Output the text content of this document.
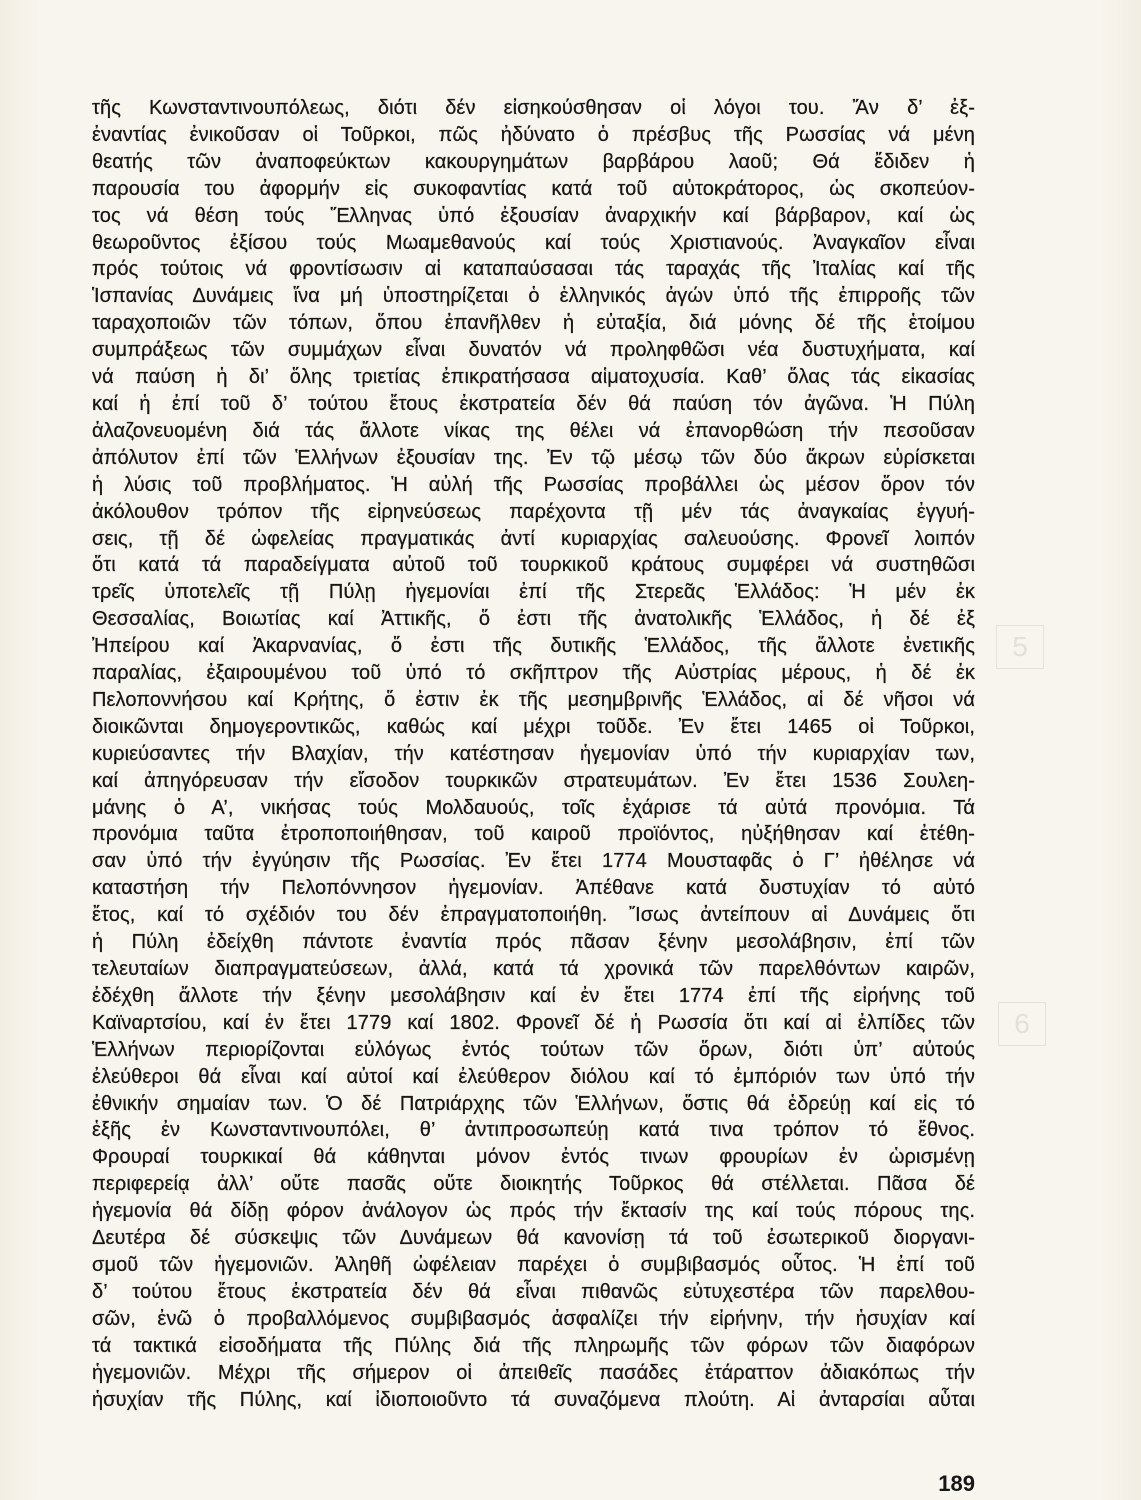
τῆς Κωνσταντινουπόλεως, διότι δέν εἰσηκούσθησαν οἱ λόγοι του. Ἄν δ’ ἐξ-
ἐναντίας ἐνικοῦσαν οἱ Τοῦρκοι, πῶς ἠδύνατο ὁ πρέσβυς τῆς Ρωσσίας νά μένη
θεατής τῶν ἀναποφεύκτων κακουργημάτων βαρβάρου λαοῦ; Θά ἔδιδεν ἡ
παρουσία του ἀφορμήν εἰς συκοφαντίας κατά τοῦ αὐτοκράτορος, ὡς σκοπεύον-
τος νά θέση τούς Ἕλληνας ὑπό ἐξουσίαν ἀναρχικήν καί βάρβαρον, καί ὡς
θεωροῦντος ἐξίσου τούς Μωαμεθανούς καί τούς Χριστιανούς. Ἀναγκαῖον εἶναι
πρός τούτοις νά φροντίσωσιν αἱ καταπαύσασαι τάς ταραχάς τῆς Ἰταλίας καί τῆς
Ἱσπανίας Δυνάμεις ἵνα μή ὑποστηρίζεται ὁ ἑλληνικός ἀγών ὑπό τῆς ἐπιρροῆς τῶν
ταραχοποιῶν τῶν τόπων, ὅπου ἐπανῆλθεν ἡ εὐταξία, διά μόνης δέ τῆς ἑτοίμου
συμπράξεως τῶν συμμάχων εἶναι δυνατόν νά προληφθῶσι νέα δυστυχήματα, καί
νά παύση ἡ δι’ ὅλης τριετίας ἐπικρατήσασα αἱματοχυσία. Καθ’ ὅλας τάς εἰκασίας
καί ἡ ἐπί τοῦ δ’ τούτου ἔτους ἐκστρατεία δέν θά παύση τόν ἀγῶνα. Ἡ Πύλη
ἀλαζονευομένη διά τάς ἄλλοτε νίκας της θέλει νά ἐπανορθώση τήν πεσοῦσαν
ἀπόλυτον ἐπί τῶν Ἑλλήνων ἐξουσίαν της. Ἐν τῷ μέσῳ τῶν δύο ἄκρων εὑρίσκεται
ἡ λύσις τοῦ προβλήματος. Ἡ αὐλή τῆς Ρωσσίας προβάλλει ὡς μέσον ὅρον τόν
ἀκόλουθον τρόπον τῆς εἰρηνεύσεως παρέχοντα τῇ μέν τάς ἀναγκαίας ἐγγυή-
σεις, τῇ δέ ὠφελείας πραγματικάς ἀντί κυριαρχίας σαλευούσης. Φρονεῖ λοιπόν
ὅτι κατά τά παραδείγματα αὐτοῦ τοῦ τουρκικοῦ κράτους συμφέρει νά συστηθῶσι
τρεῖς ὑποτελεῖς τῇ Πύλῃ ἡγεμονίαι ἐπί τῆς Στερεᾶς Ἑλλάδος: Ἡ μέν ἐκ
Θεσσαλίας, Βοιωτίας καί Ἀττικῆς, ὅ ἐστι τῆς ἀνατολικῆς Ἑλλάδος, ἡ δέ ἐξ
Ἠπείρου καί Ἀκαρνανίας, ὅ ἐστι τῆς δυτικῆς Ἑλλάδος, τῆς ἄλλοτε ἐνετικῆς
παραλίας, ἐξαιρουμένου τοῦ ὑπό τό σκῆπτρον τῆς Αὐστρίας μέρους, ἡ δέ ἐκ
Πελοποννήσου καί Κρήτης, ὅ ἐστιν ἐκ τῆς μεσημβρινῆς Ἑλλάδος, αἱ δέ νῆσοι νά
διοικῶνται δημογεροντικῶς, καθώς καί μέχρι τοῦδε. Ἐν ἔτει 1465 οἱ Τοῦρκοι,
κυριεύσαντες τήν Βλαχίαν, τήν κατέστησαν ἡγεμονίαν ὑπό τήν κυριαρχίαν των,
καί ἀπηγόρευσαν τήν εἴσοδον τουρκικῶν στρατευμάτων. Ἐν ἔτει 1536 Σουλεη-
μάνης ὁ Α’, νικήσας τούς Μολδαυούς, τοῖς ἐχάρισε τά αὐτά προνόμια. Τά
προνόμια ταῦτα ἐτροποποιήθησαν, τοῦ καιροῦ προϊόντος, ηὐξήθησαν καί ἐτέθη-
σαν ὑπό τήν ἐγγύησιν τῆς Ρωσσίας. Ἐν ἔτει 1774 Μουσταφᾶς ὁ Γ’ ἠθέλησε νά
καταστήση τήν Πελοπόννησον ἡγεμονίαν. Ἀπέθανε κατά δυστυχίαν τό αὐτό
ἔτος, καί τό σχέδιόν του δέν ἐπραγματοποιήθη. Ἴσως ἀντείπουν αἱ Δυνάμεις ὅτι
ἡ Πύλη ἐδείχθη πάντοτε ἐναντία πρός πᾶσαν ξένην μεσολάβησιν, ἐπί τῶν
τελευταίων διαπραγματεύσεων, ἀλλά, κατά τά χρονικά τῶν παρελθόντων καιρῶν,
ἐδέχθη ἄλλοτε τήν ξένην μεσολάβησιν καί ἐν ἔτει 1774 ἐπί τῆς εἰρήνης τοῦ
Καϊναρτσίου, καί ἐν ἔτει 1779 καί 1802. Φρονεῖ δέ ἡ Ρωσσία ὅτι καί αἱ ἐλπίδες τῶν
Ἑλλήνων περιορίζονται εὐλόγως ἐντός τούτων τῶν ὅρων, διότι ὑπ’ αὐτούς
ἐλεύθεροι θά εἶναι καί αὐτοί καί ἐλεύθερον διόλου καί τό ἐμπόριόν των ὑπό τήν
ἐθνικήν σημαίαν των. Ὁ δέ Πατριάρχης τῶν Ἑλλήνων, ὅστις θά ἑδρεύῃ καί εἰς τό
ἑξῆς ἐν Κωνσταντινουπόλει, θ’ ἀντιπροσωπεύῃ κατά τινα τρόπον τό ἔθνος.
Φρουραί τουρκικαί θά κάθηνται μόνον ἐντός τινων φρουρίων ἐν ὡρισμένῃ
περιφερείᾳ ἀλλ’ οὔτε πασᾶς οὔτε διοικητής Τοῦρκος θά στέλλεται. Πᾶσα δέ
ἡγεμονία θά δίδῃ φόρον ἀνάλογον ὡς πρός τήν ἔκτασίν της καί τούς πόρους της.
Δευτέρα δέ σύσκεψις τῶν Δυνάμεων θά κανονίσῃ τά τοῦ ἐσωτερικοῦ διοργανι-
σμοῦ τῶν ἡγεμονιῶν. Ἀληθῆ ὠφέλειαν παρέχει ὁ συμβιβασμός οὗτος. Ἡ ἐπί τοῦ
δ’ τούτου ἔτους ἐκστρατεία δέν θά εἶναι πιθανῶς εὐτυχεστέρα τῶν παρελθου-
σῶν, ἐνῶ ὁ προβαλλόμενος συμβιβασμός ἀσφαλίζει τήν εἰρήνην, τήν ἡσυχίαν καί
τά τακτικά εἰσοδήματα τῆς Πύλης διά τῆς πληρωμῆς τῶν φόρων τῶν διαφόρων
ἡγεμονιῶν. Μέχρι τῆς σήμερον οἱ ἀπειθεῖς πασάδες ἐτάραττον ἀδιακόπως τήν
ἡσυχίαν τῆς Πύλης, καί ἰδιοποιοῦντο τά συναζόμενα πλούτη. Αἱ ἀνταρσίαι αὗται
5
6
189
